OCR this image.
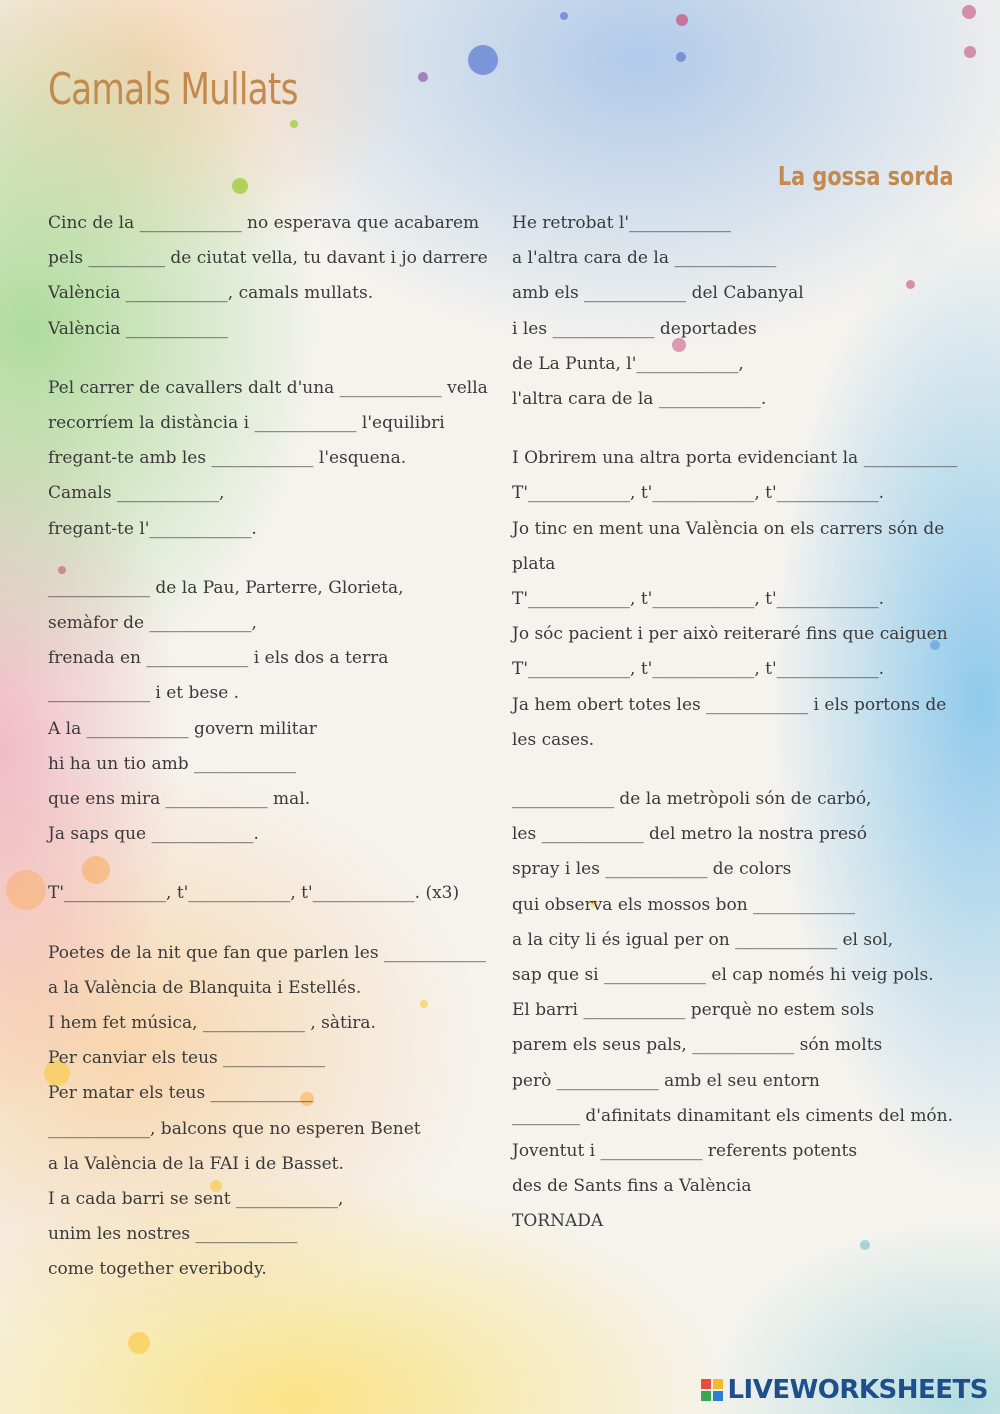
Camals Mullats
La gossa sorda

Cinc de la ____________ no esperava que acabarem

pels _________ de ciutat vella, tu davant i jo darrere

València ____________, camals mullats.

València ____________

Pel carrer de cavallers dalt d'una ____________ vella

recorríem la distància i ____________ l'equilibri

fregant-te amb les ____________ l'esquena.

Camals ____________,

fregant-te l'____________.

____________ de la Pau, Parterre, Glorieta,

semàfor de ____________,

frenada en ____________ i els dos a terra

____________ i et bese .

A la ____________ govern militar

hi ha un tio amb ____________

que ens mira ____________ mal.

Ja saps que ____________.

T'____________, t'____________, t'____________. (x3)

Poetes de la nit que fan que parlen les ____________

a la València de Blanquita i Estellés.

I hem fet música, ____________ , sàtira.

Per canviar els teus ____________

Per matar els teus ____________

____________, balcons que no esperen Benet

a la València de la FAI i de Basset.

I a cada barri se sent ____________,

unim les nostres ____________

come together everibody.

He retrobat l'____________

a l'altra cara de la ____________

amb els ____________ del Cabanyal

i les ____________ deportades

de La Punta, l'____________,

l'altra cara de la ____________.

I Obrirem una altra porta evidenciant la ___________

T'____________, t'____________, t'____________.

Jo tinc en ment una València on els carrers són de plata

T'____________, t'____________, t'____________.

Jo sóc pacient i per això reiteraré fins que caiguen

T'____________, t'____________, t'____________.

Ja hem obert totes les ____________ i els portons de les cases.

____________ de la metròpoli són de carbó,

les ____________ del metro la nostra presó

spray i les ____________ de colors

qui observa els mossos bon ____________

a la city li és igual per on ____________ el sol,

sap que si ____________ el cap només hi veig pols.

El barri ____________ perquè no estem sols

parem els seus pals, ____________ són molts

però ____________ amb el seu entorn

________ d'afinitats dinamitant els ciments del món.

Joventut i ____________ referents potents

des de Sants fins a València

TORNADA

LIVEWORKSHEETS
